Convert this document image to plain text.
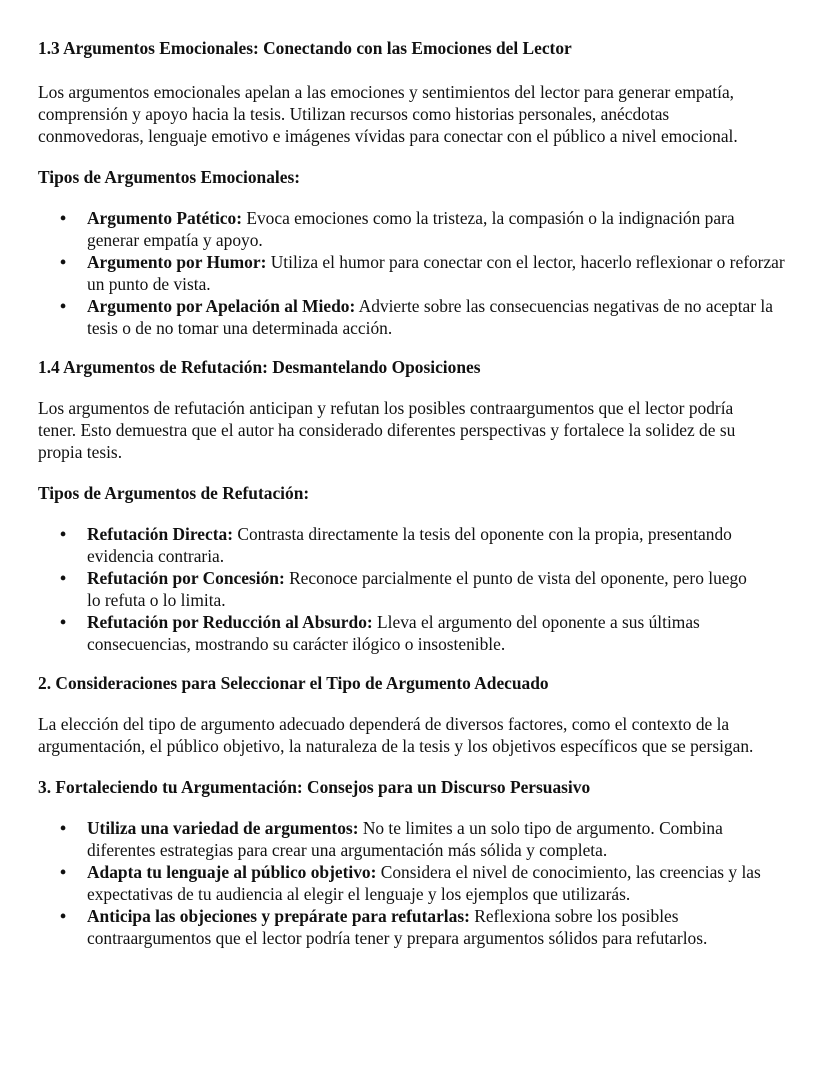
1.3 Argumentos Emocionales: Conectando con las Emociones del Lector

Los argumentos emocionales apelan a las emociones y sentimientos del lector para generar empatía, comprensión y apoyo hacia la tesis. Utilizan recursos como historias personales, anécdotas conmovedoras, lenguaje emotivo e imágenes vívidas para conectar con el público a nivel emocional.

Tipos de Argumentos Emocionales:
• Argumento Patético: Evoca emociones como la tristeza, la compasión o la indignación para generar empatía y apoyo.
• Argumento por Humor: Utiliza el humor para conectar con el lector, hacerlo reflexionar o reforzar un punto de vista.
• Argumento por Apelación al Miedo: Advierte sobre las consecuencias negativas de no aceptar la tesis o de no tomar una determinada acción.
1.4 Argumentos de Refutación: Desmantelando Oposiciones

Los argumentos de refutación anticipan y refutan los posibles contraargumentos que el lector podría tener. Esto demuestra que el autor ha considerado diferentes perspectivas y fortalece la solidez de su propia tesis.

Tipos de Argumentos de Refutación:
• Refutación Directa: Contrasta directamente la tesis del oponente con la propia, presentando evidencia contraria.
• Refutación por Concesión: Reconoce parcialmente el punto de vista del oponente, pero luego lo refuta o lo limita.
• Refutación por Reducción al Absurdo: Lleva el argumento del oponente a sus últimas consecuencias, mostrando su carácter ilógico o insostenible.
2. Consideraciones para Seleccionar el Tipo de Argumento Adecuado

La elección del tipo de argumento adecuado dependerá de diversos factores, como el contexto de la argumentación, el público objetivo, la naturaleza de la tesis y los objetivos específicos que se persigan.

3. Fortaleciendo tu Argumentación: Consejos para un Discurso Persuasivo
• Utiliza una variedad de argumentos: No te limites a un solo tipo de argumento. Combina diferentes estrategias para crear una argumentación más sólida y completa.
• Adapta tu lenguaje al público objetivo: Considera el nivel de conocimiento, las creencias y las expectativas de tu audiencia al elegir el lenguaje y los ejemplos que utilizarás.
• Anticipa las objeciones y prepárate para refutarlas: Reflexiona sobre los posibles contraargumentos que el lector podría tener y prepara argumentos sólidos para refutarlos.
